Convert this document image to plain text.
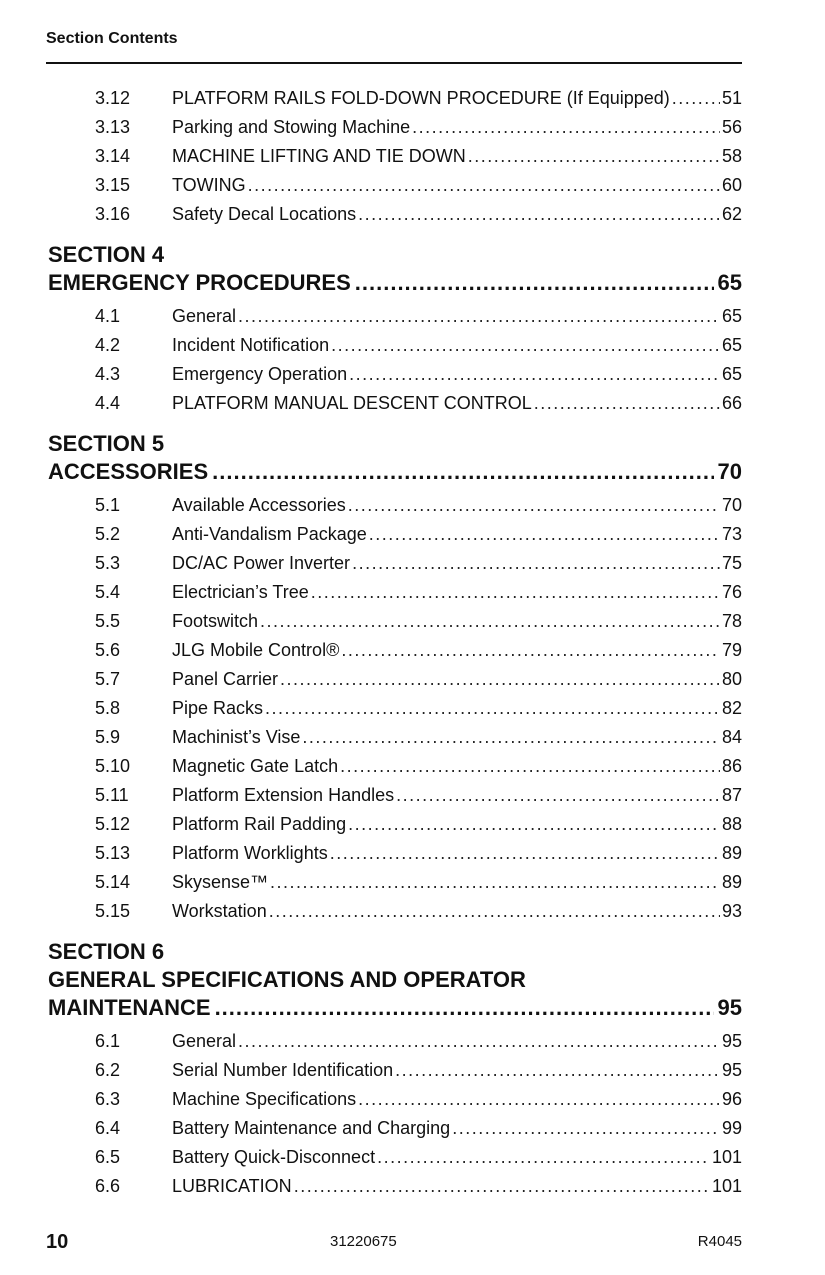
Section Contents
3.12	PLATFORM RAILS FOLD-DOWN PROCEDURE (If Equipped) .....	51
3.13	Parking and Stowing Machine .....	56
3.14	MACHINE LIFTING AND TIE DOWN .....	58
3.15	TOWING .....	60
3.16	Safety Decal Locations .....	62
SECTION 4
EMERGENCY PROCEDURES .....	65
4.1	General .....	65
4.2	Incident Notification .....	65
4.3	Emergency Operation .....	65
4.4	PLATFORM MANUAL DESCENT CONTROL .....	66
SECTION 5
ACCESSORIES .....	70
5.1	Available Accessories .....	70
5.2	Anti-Vandalism Package .....	73
5.3	DC/AC Power Inverter .....	75
5.4	Electrician’s Tree .....	76
5.5	Footswitch .....	78
5.6	JLG Mobile Control® .....	79
5.7	Panel Carrier .....	80
5.8	Pipe Racks .....	82
5.9	Machinist’s Vise .....	84
5.10	Magnetic Gate Latch .....	86
5.11	Platform Extension Handles .....	87
5.12	Platform Rail Padding .....	88
5.13	Platform Worklights .....	89
5.14	Skysense™ .....	89
5.15	Workstation .....	93
SECTION 6
GENERAL SPECIFICATIONS AND OPERATOR
MAINTENANCE .....	95
6.1	General .....	95
6.2	Serial Number Identification .....	95
6.3	Machine Specifications .....	96
6.4	Battery Maintenance and Charging .....	99
6.5	Battery Quick-Disconnect .....	101
6.6	LUBRICATION .....	101
10	31220675	R4045
